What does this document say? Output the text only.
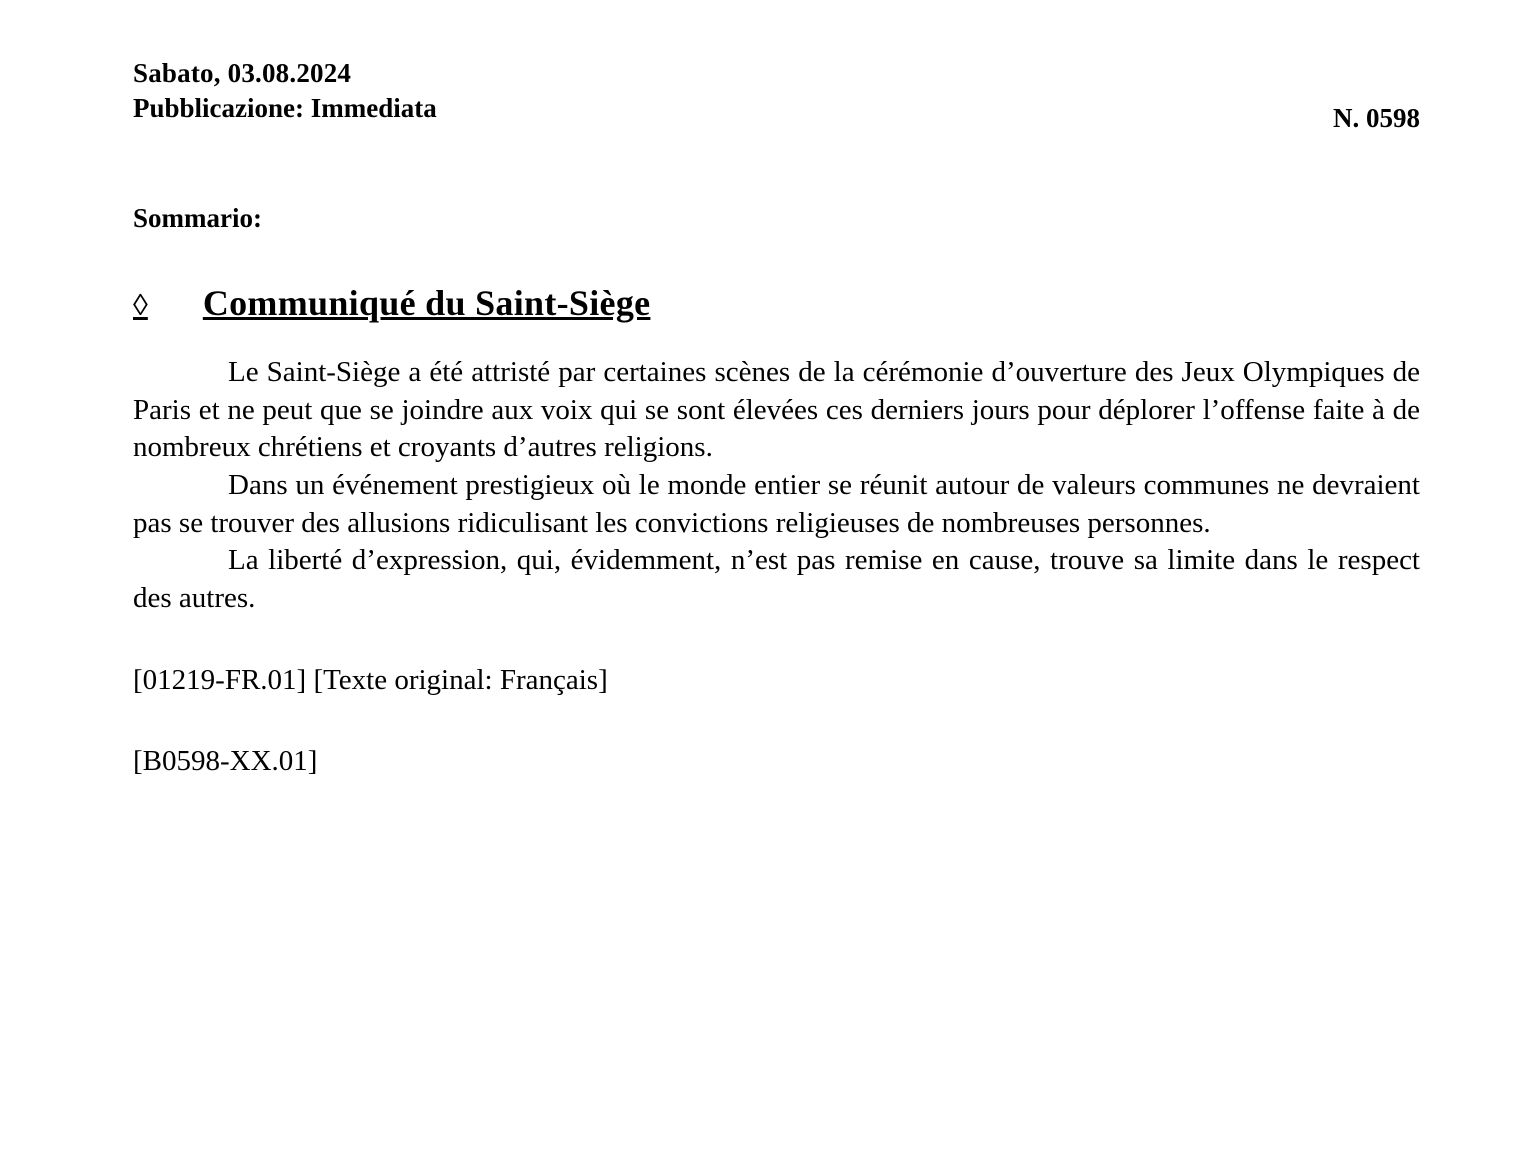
Sabato, 03.08.2024
N. 0598
Pubblicazione: Immediata
Sommario:
◊ Communiqué du Saint-Siège

Le Saint-Siège a été attristé par certaines scènes de la cérémonie d’ouverture des Jeux Olympiques de Paris et ne peut que se joindre aux voix qui se sont élevées ces derniers jours pour déplorer l’offense faite à de nombreux chrétiens et croyants d’autres religions.

Dans un événement prestigieux où le monde entier se réunit autour de valeurs communes ne devraient pas se trouver des allusions ridiculisant les convictions religieuses de nombreuses personnes.

La liberté d’expression, qui, évidemment, n’est pas remise en cause, trouve sa limite dans le respect des autres.

[01219-FR.01] [Texte original: Français]
[B0598-XX.01]
